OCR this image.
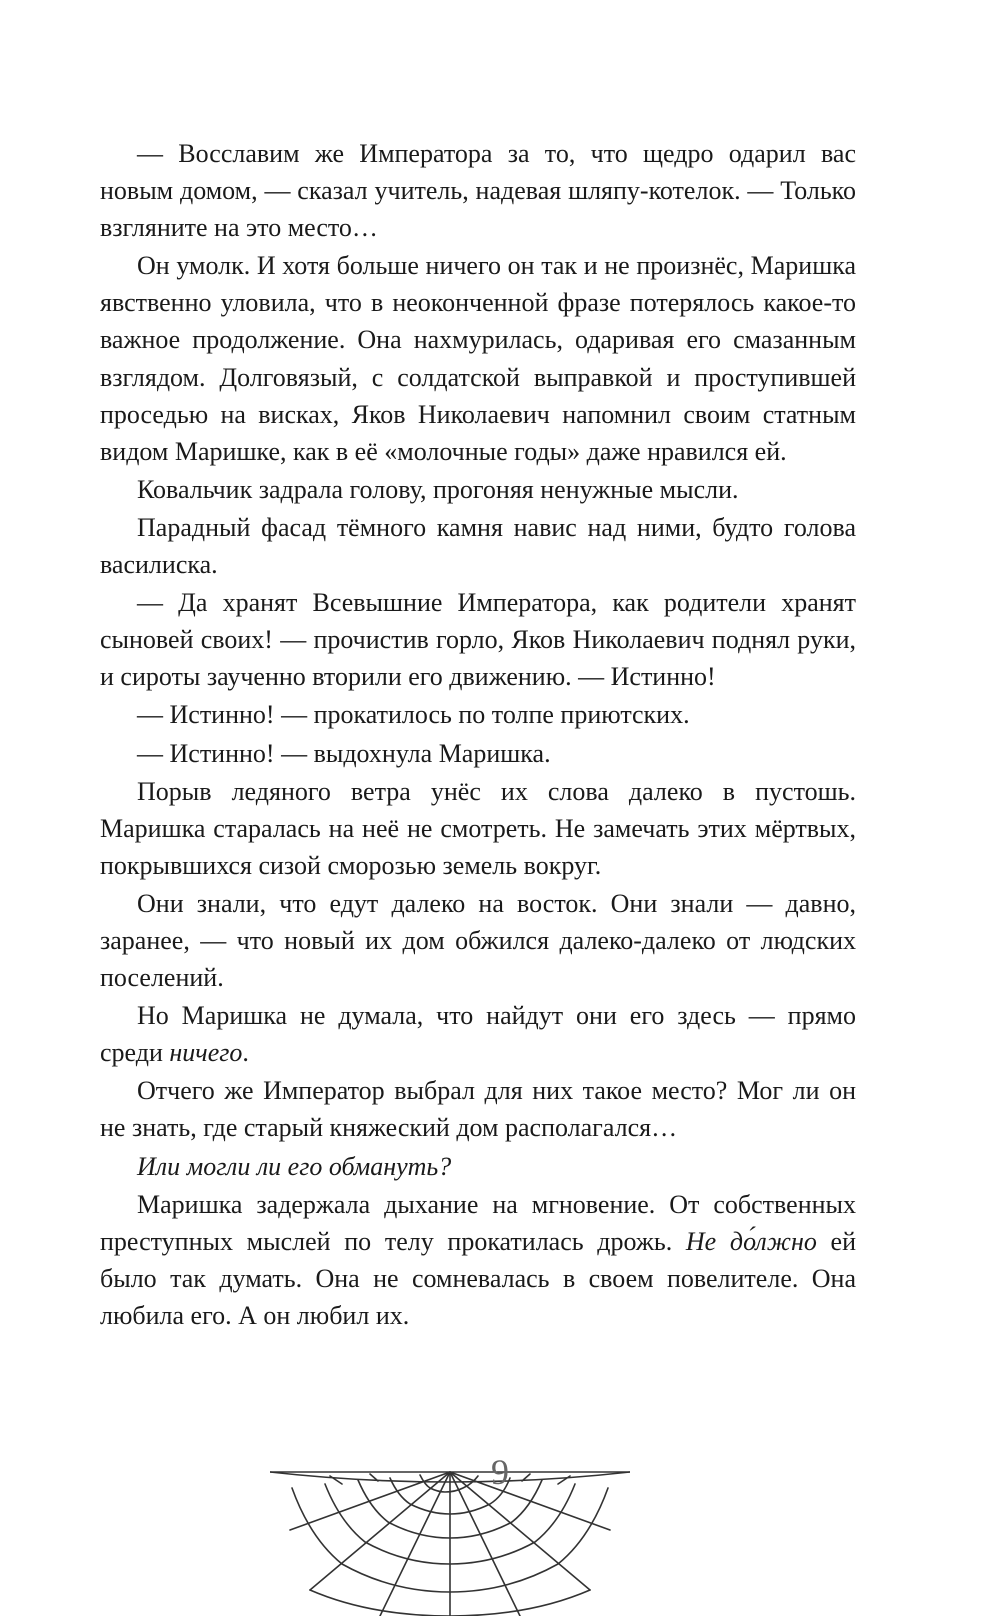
— Восславим же Императора за то, что щедро одарил вас новым домом, — сказал учитель, надевая шляпу-котелок. — Только взгляните на это место…

Он умолк. И хотя больше ничего он так и не произнёс, Маришка явственно уловила, что в неоконченной фразе потерялось какое-то важное продолжение. Она нахмурилась, одаривая его смазанным взглядом. Долговязый, с солдатской выправкой и проступившей проседью на висках, Яков Николаевич напомнил своим статным видом Маришке, как в её «молочные годы» даже нравился ей.

Ковальчик задрала голову, прогоняя ненужные мысли.

Парадный фасад тёмного камня навис над ними, будто голова василиска.

— Да хранят Всевышние Императора, как родители хранят сыновей своих! — прочистив горло, Яков Николаевич поднял руки, и сироты заученно вторили его движению. — Истинно!

— Истинно! — прокатилось по толпе приютских.

— Истинно! — выдохнула Маришка.

Порыв ледяного ветра унёс их слова далеко в пустошь. Маришка старалась на неё не смотреть. Не замечать этих мёртвых, покрывшихся сизой сморозью земель вокруг.

Они знали, что едут далеко на восток. Они знали — давно, заранее, — что новый их дом обжился далеко-далеко от людских поселений.

Но Маришка не думала, что найдут они его здесь — прямо среди ничего.

Отчего же Император выбрал для них такое место? Мог ли он не знать, где старый княжеский дом располагался…

Или могли ли его обмануть?

Маришка задержала дыхание на мгновение. От собственных преступных мыслей по телу прокатилась дрожь. Не до́лжно ей было так думать. Она не сомневалась в своем повелителе. Она любила его. А он любил их.

9
